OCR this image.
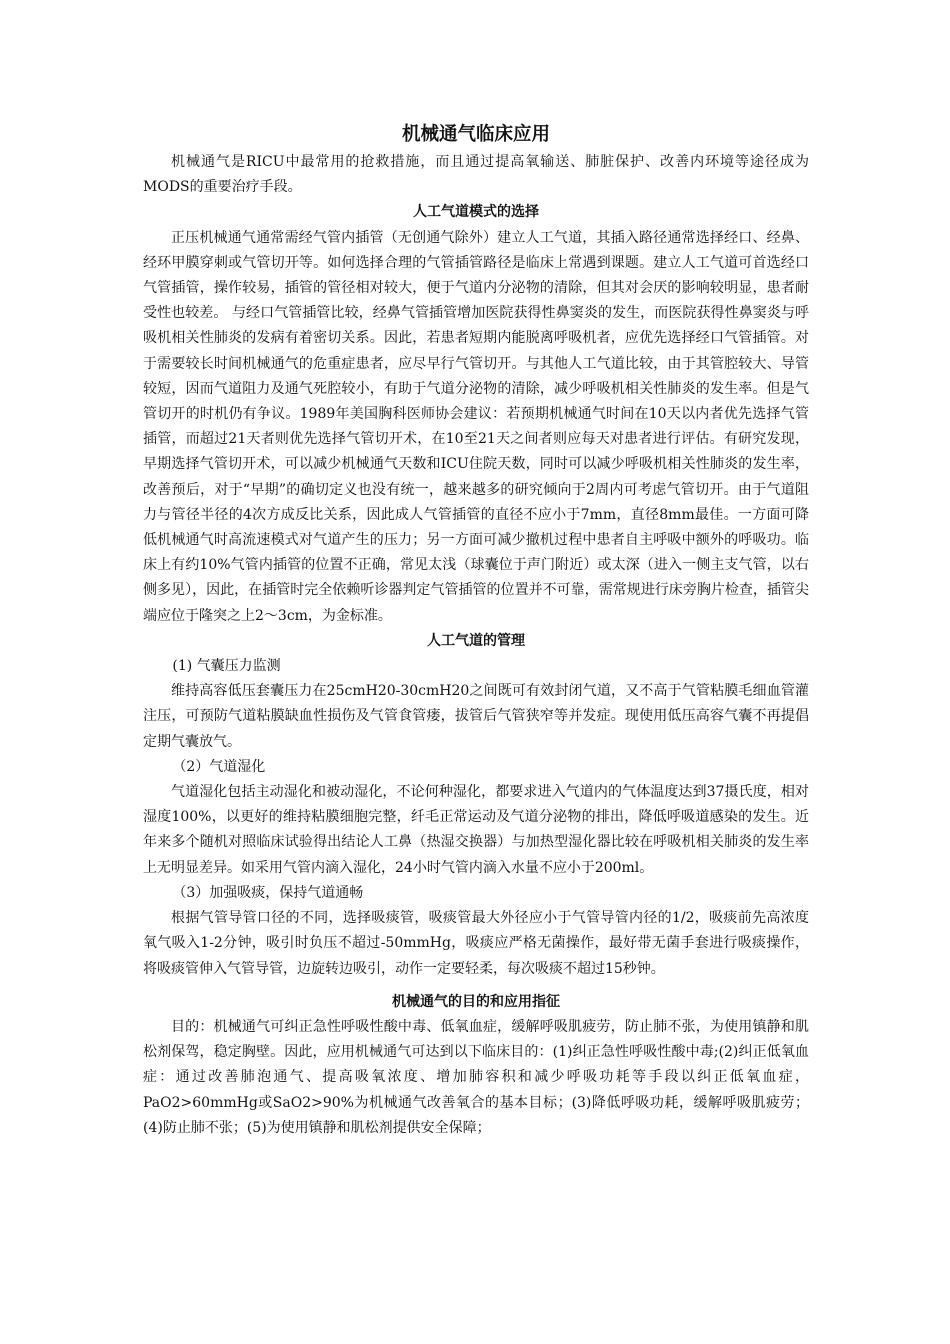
机械通气临床应用

机械通气是RICU中最常用的抢救措施，而且通过提高氧输送、肺脏保护、改善内环境等途径成为MODS的重要治疗手段。

人工气道模式的选择

正压机械通气通常需经气管内插管（无创通气除外）建立人工气道，其插入路径通常选择经口、经鼻、经环甲膜穿刺或气管切开等。如何选择合理的气管插管路径是临床上常遇到课题。建立人工气道可首选经口气管插管，操作较易，插管的管径相对较大，便于气道内分泌物的清除，但其对会厌的影响较明显，患者耐受性也较差。 与经口气管插管比较，经鼻气管插管增加医院获得性鼻窦炎的发生，而医院获得性鼻窦炎与呼吸机相关性肺炎的发病有着密切关系。因此，若患者短期内能脱离呼吸机者，应优先选择经口气管插管。对于需要较长时间机械通气的危重症患者，应尽早行气管切开。与其他人工气道比较，由于其管腔较大、导管较短，因而气道阻力及通气死腔较小，有助于气道分泌物的清除，减少呼吸机相关性肺炎的发生率。但是气管切开的时机仍有争议。1989年美国胸科医师协会建议：若预期机械通气时间在10天以内者优先选择气管插管，而超过21天者则优先选择气管切开术，在10至21天之间者则应每天对患者进行评估。有研究发现，早期选择气管切开术，可以减少机械通气天数和ICU住院天数，同时可以减少呼吸机相关性肺炎的发生率，改善预后，对于“早期”的确切定义也没有统一，越来越多的研究倾向于2周内可考虑气管切开。由于气道阻力与管径半径的4次方成反比关系，因此成人气管插管的直径不应小于7mm，直径8mm最佳。一方面可降低机械通气时高流速模式对气道产生的压力；另一方面可减少撤机过程中患者自主呼吸中额外的呼吸功。临床上有约10%气管内插管的位置不正确，常见太浅（球囊位于声门附近）或太深（进入一侧主支气管，以右侧多见），因此，在插管时完全依赖听诊器判定气管插管的位置并不可靠，需常规进行床旁胸片检查，插管尖端应位于隆突之上2～3cm，为金标准。

人工气道的管理

(1) 气囊压力监测

维持高容低压套囊压力在25cmH20-30cmH20之间既可有效封闭气道，又不高于气管粘膜毛细血管灌注压，可预防气道粘膜缺血性损伤及气管食管瘘，拔管后气管狭窄等并发症。现使用低压高容气囊不再提倡定期气囊放气。

（2）气道湿化

气道湿化包括主动湿化和被动湿化，不论何种湿化，都要求进入气道内的气体温度达到37摄氏度，相对湿度100%，以更好的维持粘膜细胞完整，纤毛正常运动及气道分泌物的排出，降低呼吸道感染的发生。近年来多个随机对照临床试验得出结论人工鼻（热湿交换器）与加热型湿化器比较在呼吸机相关肺炎的发生率上无明显差异。如采用气管内滴入湿化，24小时气管内滴入水量不应小于200ml。

（3）加强吸痰，保持气道通畅

根据气管导管口径的不同，选择吸痰管，吸痰管最大外径应小于气管导管内径的1/2，吸痰前先高浓度氧气吸入1-2分钟，吸引时负压不超过-50mmHg，吸痰应严格无菌操作，最好带无菌手套进行吸痰操作，将吸痰管伸入气管导管，边旋转边吸引，动作一定要轻柔，每次吸痰不超过15秒钟。

机械通气的目的和应用指征

目的：机械通气可纠正急性呼吸性酸中毒、低氧血症，缓解呼吸肌疲劳，防止肺不张，为使用镇静和肌松剂保驾，稳定胸壁。因此，应用机械通气可达到以下临床目的：(1)纠正急性呼吸性酸中毒;(2)纠正低氧血症：通过改善肺泡通气、提高吸氧浓度、增加肺容积和减少呼吸功耗等手段以纠正低氧血症，PaO2>60mmHg或SaO2>90%为机械通气改善氧合的基本目标；(3)降低呼吸功耗，缓解呼吸肌疲劳；(4)防止肺不张；(5)为使用镇静和肌松剂提供安全保障；
